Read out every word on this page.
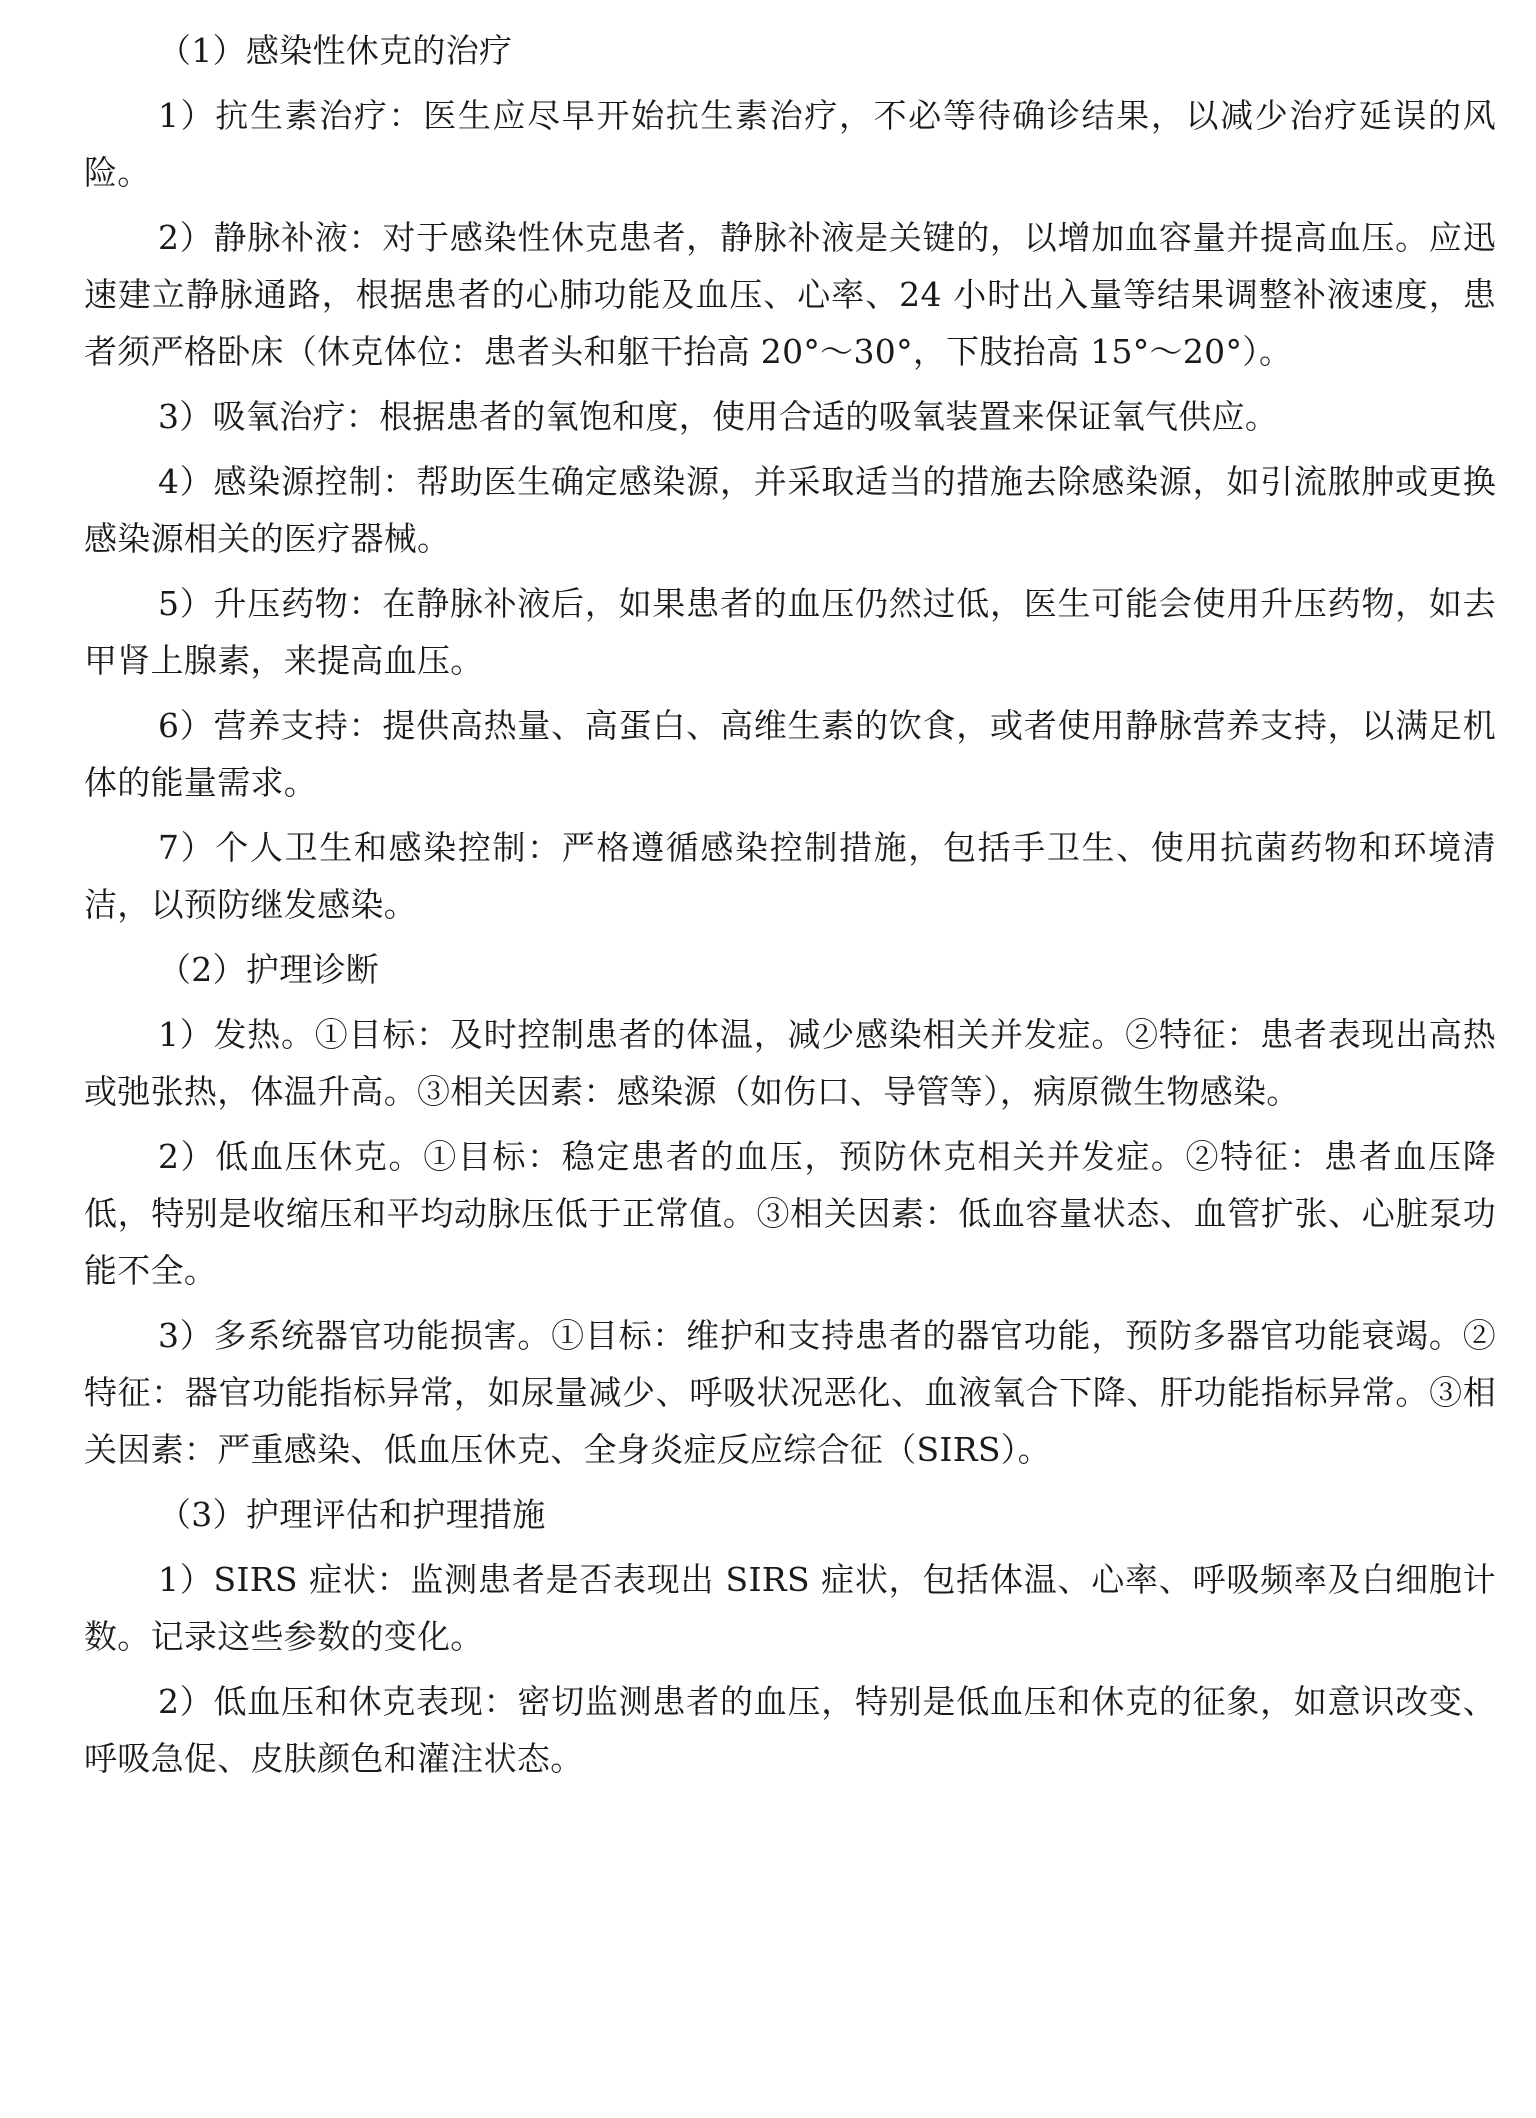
（1）感染性休克的治疗

1）抗生素治疗：医生应尽早开始抗生素治疗，不必等待确诊结果，以减少治疗延误的风险。

2）静脉补液：对于感染性休克患者，静脉补液是关键的，以增加血容量并提高血压。应迅速建立静脉通路，根据患者的心肺功能及血压、心率、24 小时出入量等结果调整补液速度，患者须严格卧床（休克体位：患者头和躯干抬高 20°～30°，下肢抬高 15°～20°）。

3）吸氧治疗：根据患者的氧饱和度，使用合适的吸氧装置来保证氧气供应。

4）感染源控制：帮助医生确定感染源，并采取适当的措施去除感染源，如引流脓肿或更换感染源相关的医疗器械。

5）升压药物：在静脉补液后，如果患者的血压仍然过低，医生可能会使用升压药物，如去甲肾上腺素，来提高血压。

6）营养支持：提供高热量、高蛋白、高维生素的饮食，或者使用静脉营养支持，以满足机体的能量需求。

7）个人卫生和感染控制：严格遵循感染控制措施，包括手卫生、使用抗菌药物和环境清洁，以预防继发感染。

（2）护理诊断

1）发热。①目标：及时控制患者的体温，减少感染相关并发症。②特征：患者表现出高热或弛张热，体温升高。③相关因素：感染源（如伤口、导管等），病原微生物感染。

2）低血压休克。①目标：稳定患者的血压，预防休克相关并发症。②特征：患者血压降低，特别是收缩压和平均动脉压低于正常值。③相关因素：低血容量状态、血管扩张、心脏泵功能不全。

3）多系统器官功能损害。①目标：维护和支持患者的器官功能，预防多器官功能衰竭。②特征：器官功能指标异常，如尿量减少、呼吸状况恶化、血液氧合下降、肝功能指标异常。③相关因素：严重感染、低血压休克、全身炎症反应综合征（SIRS）。

（3）护理评估和护理措施

1）SIRS 症状：监测患者是否表现出 SIRS 症状，包括体温、心率、呼吸频率及白细胞计数。记录这些参数的变化。

2）低血压和休克表现：密切监测患者的血压，特别是低血压和休克的征象，如意识改变、呼吸急促、皮肤颜色和灌注状态。
